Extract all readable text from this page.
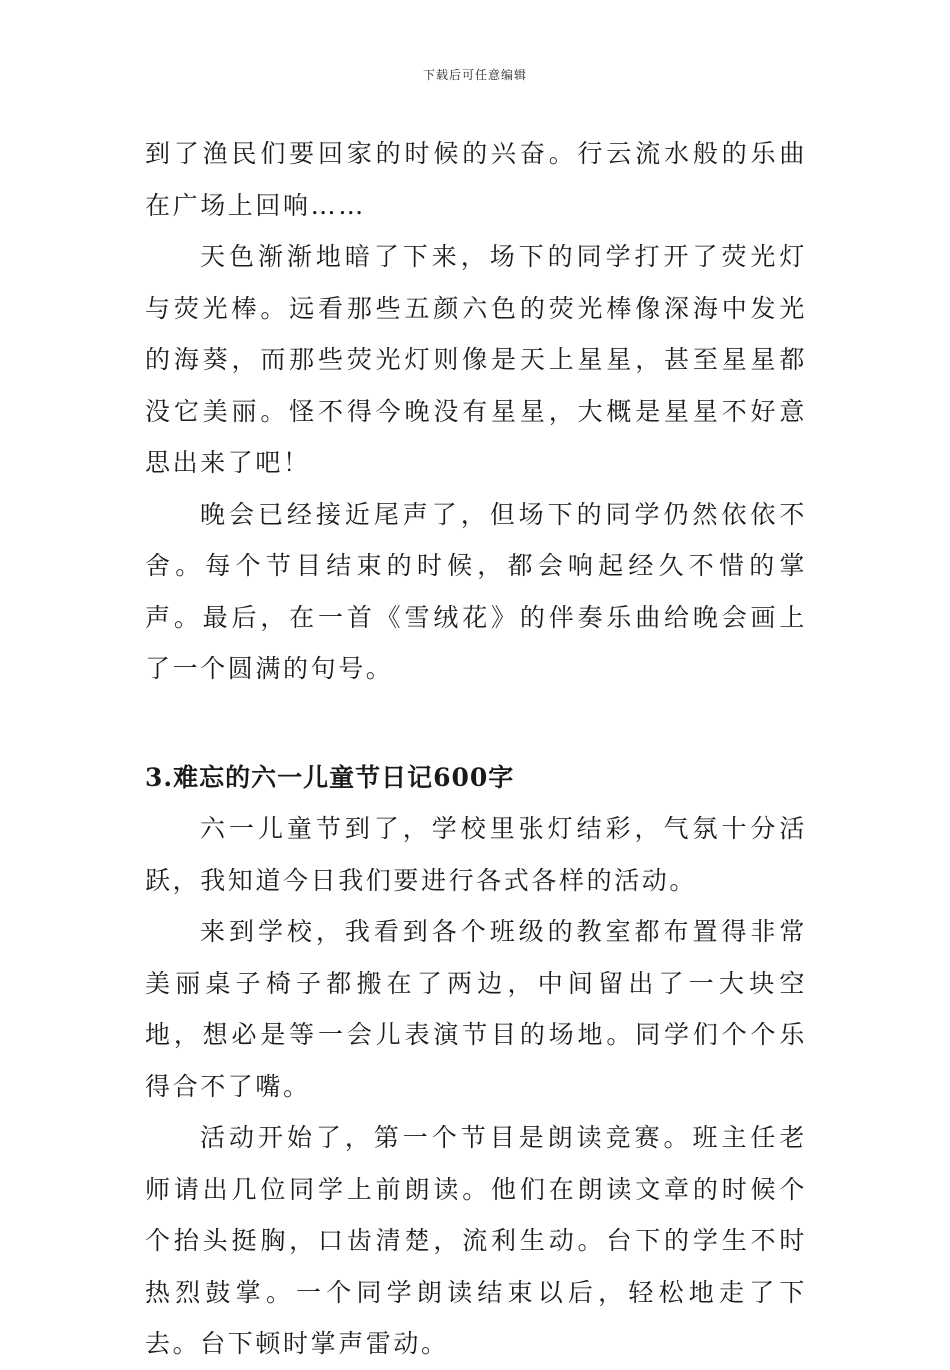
下载后可任意编辑

到了渔民们要回家的时候的兴奋。行云流水般的乐曲在广场上回响……

天色渐渐地暗了下来，场下的同学打开了荧光灯与荧光棒。远看那些五颜六色的荧光棒像深海中发光的海葵，而那些荧光灯则像是天上星星，甚至星星都没它美丽。怪不得今晚没有星星，大概是星星不好意思出来了吧！

晚会已经接近尾声了，但场下的同学仍然依依不舍。每个节目结束的时候，都会响起经久不惜的掌声。最后，在一首《雪绒花》的伴奏乐曲给晚会画上了一个圆满的句号。

3.难忘的六一儿童节日记600字

六一儿童节到了，学校里张灯结彩，气氛十分活跃，我知道今日我们要进行各式各样的活动。

来到学校，我看到各个班级的教室都布置得非常美丽桌子椅子都搬在了两边，中间留出了一大块空地，想必是等一会儿表演节目的场地。同学们个个乐得合不了嘴。

活动开始了，第一个节目是朗读竞赛。班主任老师请出几位同学上前朗读。他们在朗读文章的时候个个抬头挺胸，口齿清楚，流利生动。台下的学生不时热烈鼓掌。一个同学朗读结束以后，轻松地走了下去。台下顿时掌声雷动。
